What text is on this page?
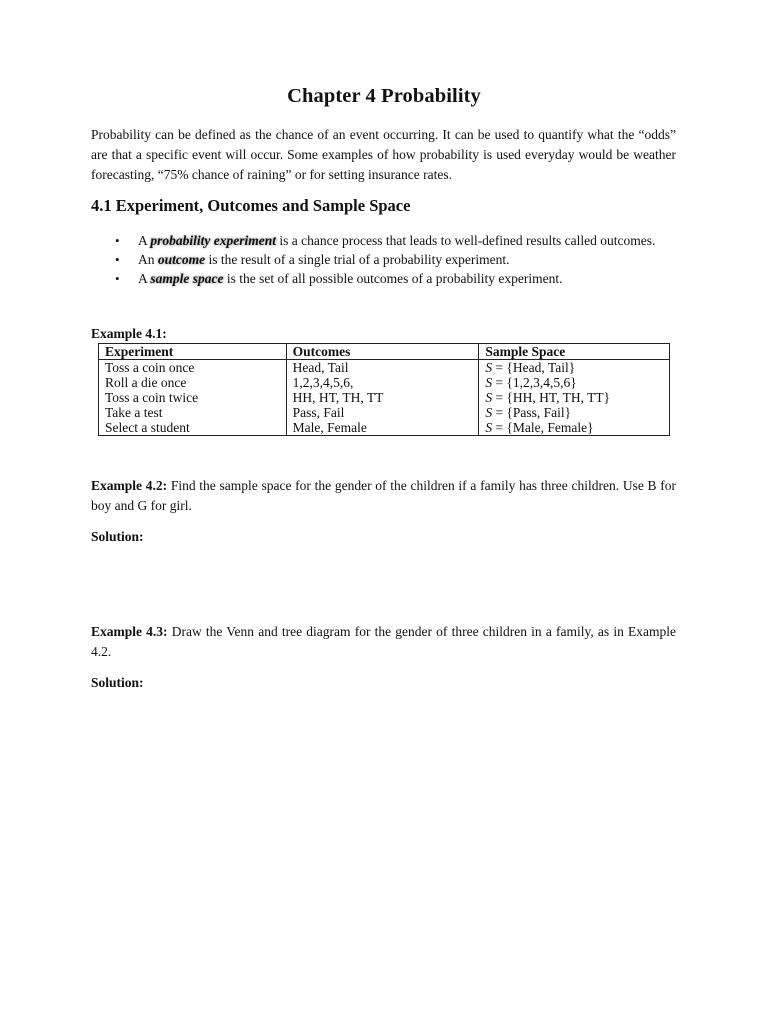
Chapter 4 Probability

Probability can be defined as the chance of an event occurring. It can be used to quantify what the “odds” are that a specific event will occur. Some examples of how probability is used everyday would be weather forecasting, “75% chance of raining” or for setting insurance rates.

4.1 Experiment, Outcomes and Sample Space
• A probability experiment is a chance process that leads to well-defined results called outcomes.
• An outcome is the result of a single trial of a probability experiment.
• A sample space is the set of all possible outcomes of a probability experiment.
Example 4.1:
Experiment	Outcomes	Sample Space
Toss a coin once	Head, Tail	S = {Head, Tail}
Roll a die once	1,2,3,4,5,6,	S = {1,2,3,4,5,6}
Toss a coin twice	HH, HT, TH, TT	S = {HH, HT, TH, TT}
Take a test	Pass, Fail	S = {Pass, Fail}
Select a student	Male, Female	S = {Male, Female}

Example 4.2: Find the sample space for the gender of the children if a family has three children. Use B for boy and G for girl.

Solution:

Example 4.3: Draw the Venn and tree diagram for the gender of three children in a family, as in Example 4.2.

Solution:
